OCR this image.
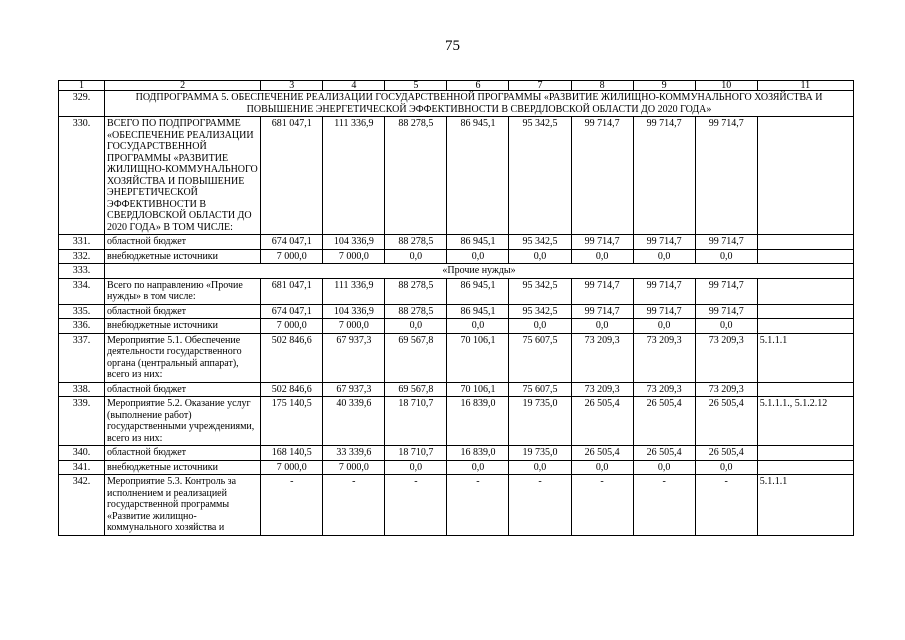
75
1	2	3	4	5	6	7	8	9	10	11
329.	ПОДПРОГРАММА 5. ОБЕСПЕЧЕНИЕ РЕАЛИЗАЦИИ ГОСУДАРСТВЕННОЙ ПРОГРАММЫ «РАЗВИТИЕ ЖИЛИЩНО-КОММУНАЛЬНОГО ХОЗЯЙСТВА И ПОВЫШЕНИЕ ЭНЕРГЕТИЧЕСКОЙ ЭФФЕКТИВНОСТИ В СВЕРДЛОВСКОЙ ОБЛАСТИ ДО 2020 ГОДА»									
330.	ВСЕГО ПО ПОДПРОГРАММЕ «ОБЕСПЕЧЕНИЕ РЕАЛИЗАЦИИ ГОСУДАРСТВЕННОЙ ПРОГРАММЫ «РАЗВИТИЕ ЖИЛИЩНО-КОММУНАЛЬНОГО ХОЗЯЙСТВА И ПОВЫШЕНИЕ ЭНЕРГЕТИЧЕСКОЙ ЭФФЕКТИВНОСТИ В СВЕРДЛОВСКОЙ ОБЛАСТИ ДО 2020 ГОДА» В ТОМ ЧИСЛЕ:	681 047,1	111 336,9	88 278,5	86 945,1	95 342,5	99 714,7	99 714,7	99 714,7	
331.	областной бюджет	674 047,1	104 336,9	88 278,5	86 945,1	95 342,5	99 714,7	99 714,7	99 714,7	
332.	внебюджетные источники	7 000,0	7 000,0	0,0	0,0	0,0	0,0	0,0	0,0	
333.	«Прочие нужды»									
334.	Всего по направлению «Прочие нужды» в том числе:	681 047,1	111 336,9	88 278,5	86 945,1	95 342,5	99 714,7	99 714,7	99 714,7	
335.	областной бюджет	674 047,1	104 336,9	88 278,5	86 945,1	95 342,5	99 714,7	99 714,7	99 714,7	
336.	внебюджетные источники	7 000,0	7 000,0	0,0	0,0	0,0	0,0	0,0	0,0	
337.	Мероприятие 5.1. Обеспечение деятельности государственного органа (центральный аппарат), всего из них:	502 846,6	67 937,3	69 567,8	70 106,1	75 607,5	73 209,3	73 209,3	73 209,3	5.1.1.1
338.	областной бюджет	502 846,6	67 937,3	69 567,8	70 106,1	75 607,5	73 209,3	73 209,3	73 209,3	
339.	Мероприятие 5.2. Оказание услуг (выполнение работ) государственными учреждениями, всего из них:	175 140,5	40 339,6	18 710,7	16 839,0	19 735,0	26 505,4	26 505,4	26 505,4	5.1.1.1., 5.1.2.12
340.	областной бюджет	168 140,5	33 339,6	18 710,7	16 839,0	19 735,0	26 505,4	26 505,4	26 505,4	
341.	внебюджетные источники	7 000,0	7 000,0	0,0	0,0	0,0	0,0	0,0	0,0	
342.	Мероприятие 5.3. Контроль за исполнением и реализацией государственной программы «Развитие жилищно-коммунального хозяйства и	-	-	-	-	-	-	-	-	5.1.1.1
